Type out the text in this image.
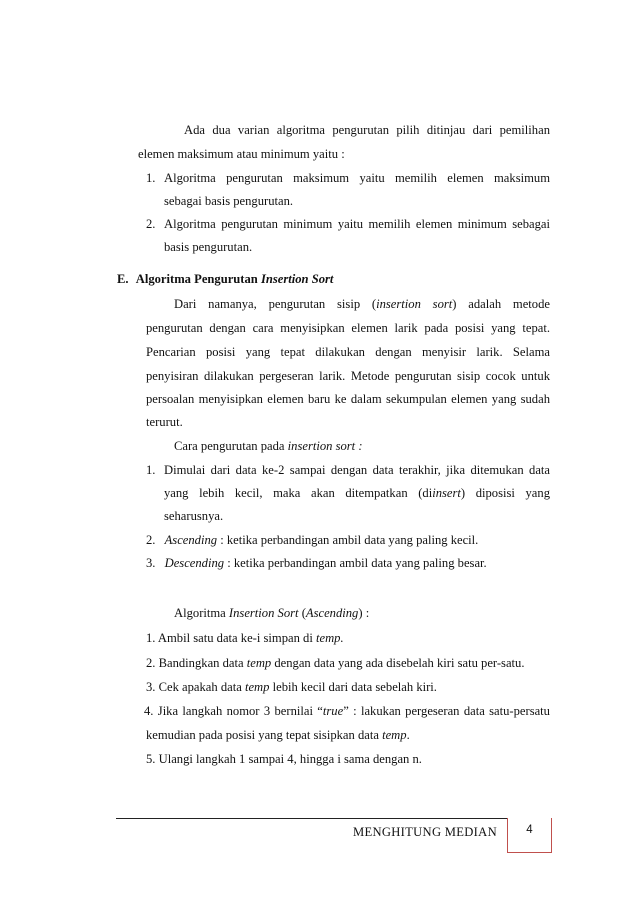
Ada dua varian algoritma pengurutan pilih ditinjau dari pemilihan
elemen maksimum atau minimum yaitu :
1. Algoritma pengurutan maksimum yaitu memilih elemen maksimum
sebagai basis pengurutan.
2. Algoritma pengurutan minimum yaitu memilih elemen minimum sebagai
basis pengurutan.
E. Algoritma Pengurutan Insertion Sort
Dari namanya, pengurutan sisip (insertion sort) adalah metode
pengurutan dengan cara menyisipkan elemen larik pada posisi yang tepat.
Pencarian posisi yang tepat dilakukan dengan menyisir larik. Selama
penyisiran dilakukan pergeseran larik. Metode pengurutan sisip cocok untuk
persoalan menyisipkan elemen baru ke dalam sekumpulan elemen yang sudah
terurut.
Cara pengurutan pada insertion sort :
1. Dimulai dari data ke-2 sampai dengan data terakhir, jika ditemukan data
yang lebih kecil, maka akan ditempatkan (diinsert) diposisi yang
seharusnya.
2. Ascending : ketika perbandingan ambil data yang paling kecil.
3. Descending : ketika perbandingan ambil data yang paling besar.
Algoritma Insertion Sort (Ascending) :
1. Ambil satu data ke-i simpan di temp.
2. Bandingkan data temp dengan data yang ada disebelah kiri satu per-satu.
3. Cek apakah data temp lebih kecil dari data sebelah kiri.
4. Jika langkah nomor 3 bernilai “true” : lakukan pergeseran data satu-persatu
kemudian pada posisi yang tepat sisipkan data temp.
5. Ulangi langkah 1 sampai 4, hingga i sama dengan n.
MENGHITUNG MEDIAN	4
